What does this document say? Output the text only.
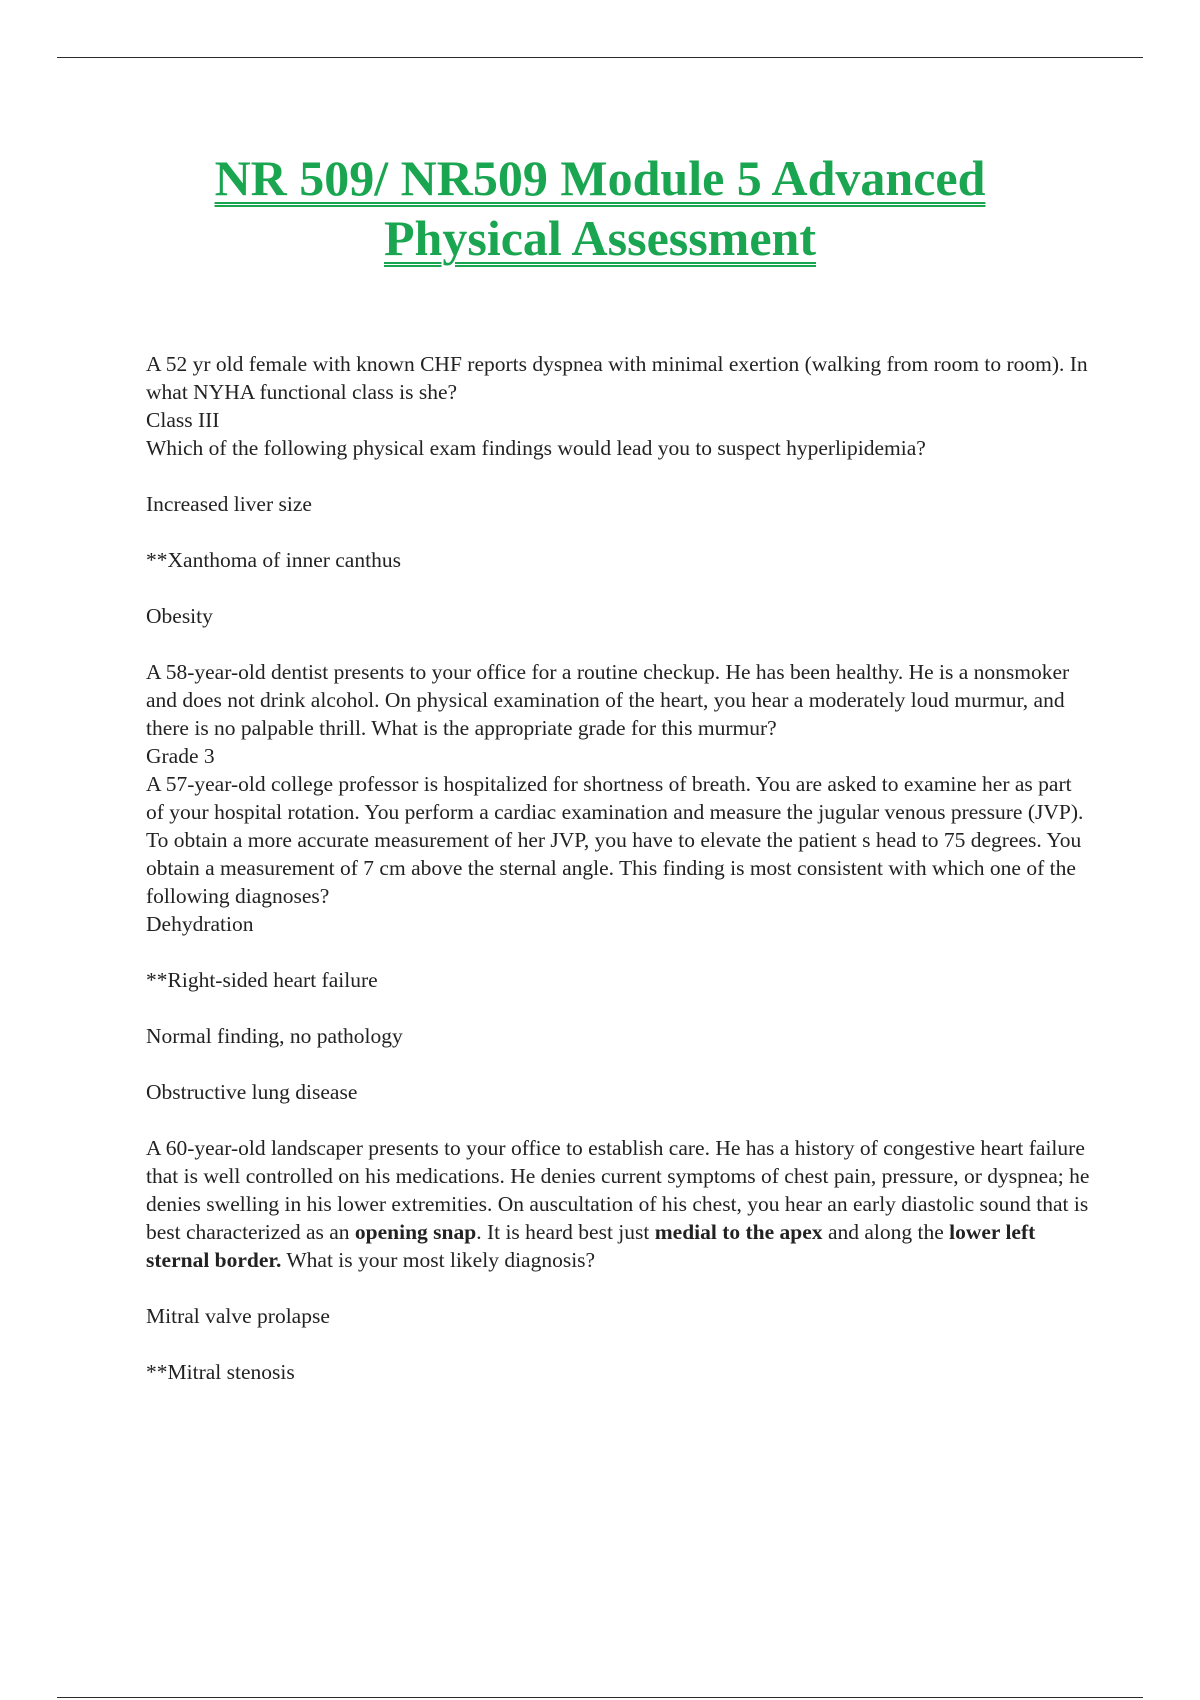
NR 509/ NR509 Module 5 Advanced
Physical Assessment

A 52 yr old female with known CHF reports dyspnea with minimal exertion (walking from room to room). In what NYHA functional class is she?

Class III

Which of the following physical exam findings would lead you to suspect hyperlipidemia?

Increased liver size

**Xanthoma of inner canthus

Obesity

A 58-year-old dentist presents to your office for a routine checkup. He has been healthy. He is a nonsmoker and does not drink alcohol. On physical examination of the heart, you hear a moderately loud murmur, and there is no palpable thrill. What is the appropriate grade for this murmur?

Grade 3

A 57-year-old college professor is hospitalized for shortness of breath. You are asked to examine her as part of your hospital rotation. You perform a cardiac examination and measure the jugular venous pressure (JVP). To obtain a more accurate measurement of her JVP, you have to elevate the patient s head to 75 degrees. You obtain a measurement of 7 cm above the sternal angle. This finding is most consistent with which one of the following diagnoses?

Dehydration

**Right-sided heart failure

Normal finding, no pathology

Obstructive lung disease

A 60-year-old landscaper presents to your office to establish care. He has a history of congestive heart failure that is well controlled on his medications. He denies current symptoms of chest pain, pressure, or dyspnea; he denies swelling in his lower extremities. On auscultation of his chest, you hear an early diastolic sound that is best characterized as an opening snap. It is heard best just medial to the apex and along the lower left sternal border. What is your most likely diagnosis?

Mitral valve prolapse

**Mitral stenosis
